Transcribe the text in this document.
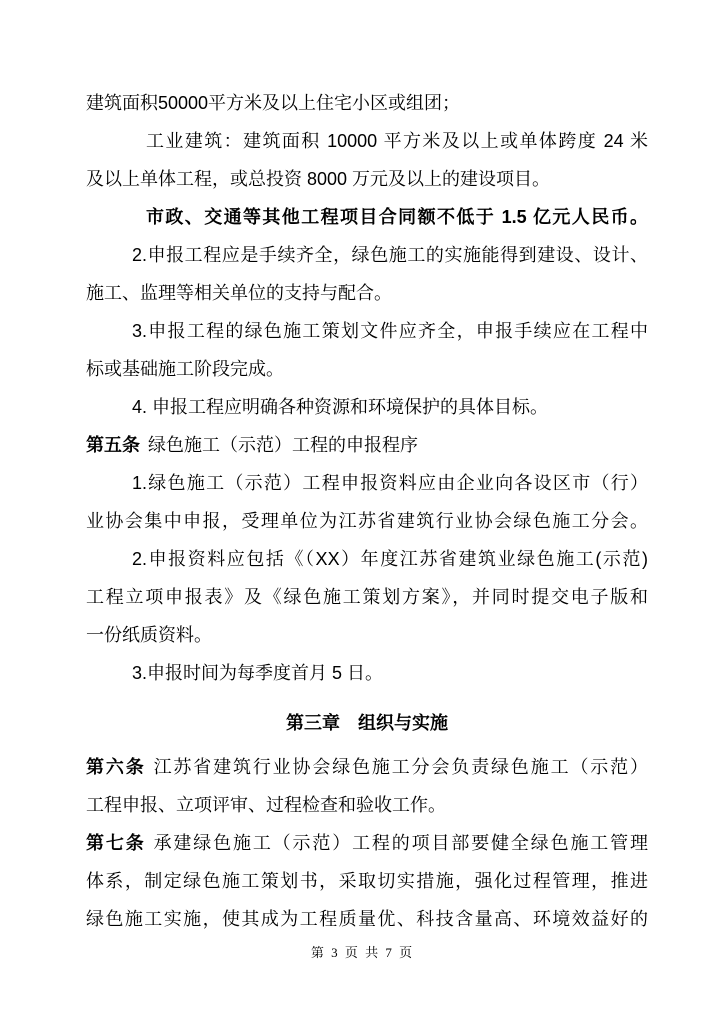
建筑面积50000平方米及以上住宅小区或组团；
工业建筑：建筑面积 10000 平方米及以上或单体跨度 24 米
及以上单体工程，或总投资 8000 万元及以上的建设项目。
市政、交通等其他工程项目合同额不低于 1.5 亿元人民币。
2.申报工程应是手续齐全，绿色施工的实施能得到建设、设计、
施工、监理等相关单位的支持与配合。
3.申报工程的绿色施工策划文件应齐全，申报手续应在工程中
标或基础施工阶段完成。
4. 申报工程应明确各种资源和环境保护的具体目标。
第五条 绿色施工（示范）工程的申报程序
1.绿色施工（示范）工程申报资料应由企业向各设区市（行）
业协会集中申报，受理单位为江苏省建筑行业协会绿色施工分会。
2.申报资料应包括《（XX）年度江苏省建筑业绿色施工(示范)
工程立项申报表》及《绿色施工策划方案》，并同时提交电子版和
一份纸质资料。
3.申报时间为每季度首月 5 日。
第三章　组织与实施
第六条 江苏省建筑行业协会绿色施工分会负责绿色施工（示范）
工程申报、立项评审、过程检查和验收工作。
第七条 承建绿色施工（示范）工程的项目部要健全绿色施工管理
体系，制定绿色施工策划书，采取切实措施，强化过程管理，推进
绿色施工实施，使其成为工程质量优、科技含量高、环境效益好的
第 3 页 共 7 页
